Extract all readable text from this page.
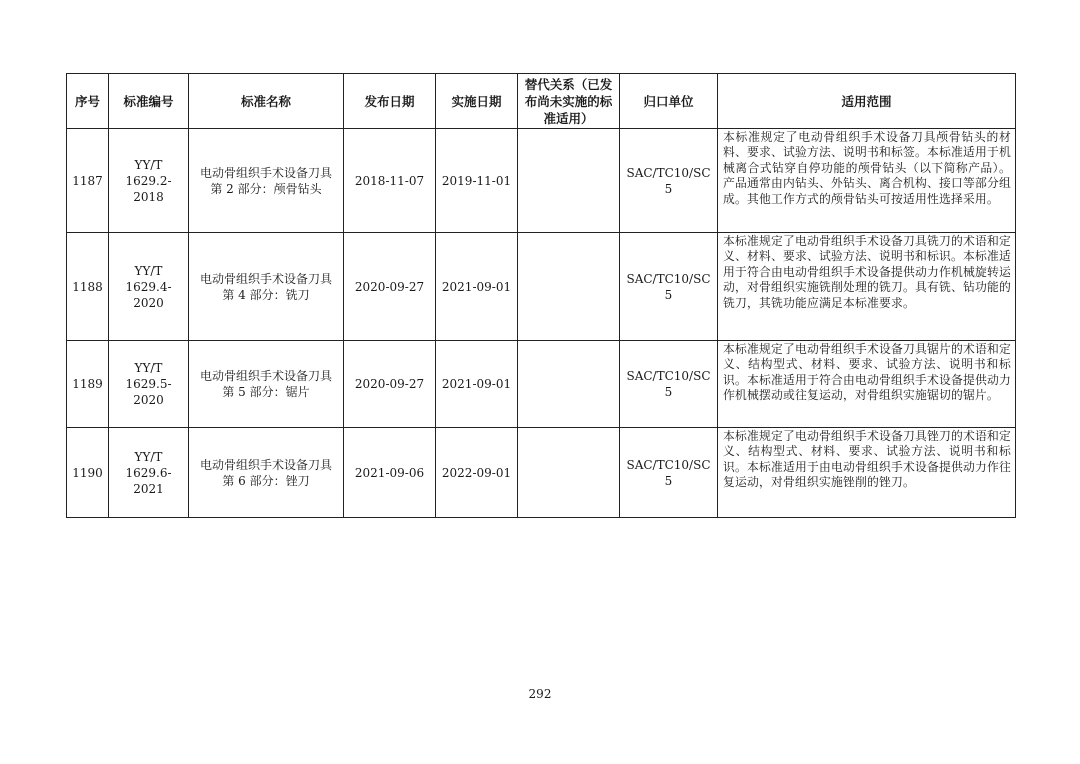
序号	标准编号	标准名称	发布日期	实施日期	替代关系（已发布尚未实施的标准适用）	归口单位	适用范围
1187	YY/T 1629.2-2018	电动骨组织手术设备刀具 第 2 部分：颅骨钻头	2018-11-07	2019-11-01		SAC/TC10/SC5	本标准规定了电动骨组织手术设备刀具颅骨钻头的材料、要求、试验方法、说明书和标签。本标准适用于机械离合式钻穿自停功能的颅骨钻头（以下简称产品）。产品通常由内钻头、外钻头、离合机构、接口等部分组成。其他工作方式的颅骨钻头可按适用性选择采用。
1188	YY/T 1629.4-2020	电动骨组织手术设备刀具 第 4 部分：铣刀	2020-09-27	2021-09-01		SAC/TC10/SC5	本标准规定了电动骨组织手术设备刀具铣刀的术语和定义、材料、要求、试验方法、说明书和标识。本标准适用于符合由电动骨组织手术设备提供动力作机械旋转运动，对骨组织实施铣削处理的铣刀。具有铣、钻功能的铣刀，其铣功能应满足本标准要求。
1189	YY/T 1629.5-2020	电动骨组织手术设备刀具 第 5 部分：锯片	2020-09-27	2021-09-01		SAC/TC10/SC5	本标准规定了电动骨组织手术设备刀具锯片的术语和定义、结构型式、材料、要求、试验方法、说明书和标识。本标准适用于符合由电动骨组织手术设备提供动力作机械摆动或往复运动，对骨组织实施锯切的锯片。
1190	YY/T 1629.6-2021	电动骨组织手术设备刀具 第 6 部分：锉刀	2021-09-06	2022-09-01		SAC/TC10/SC5	本标准规定了电动骨组织手术设备刀具锉刀的术语和定义、结构型式、材料、要求、试验方法、说明书和标识。本标准适用于由电动骨组织手术设备提供动力作往复运动，对骨组织实施锉削的锉刀。
292
